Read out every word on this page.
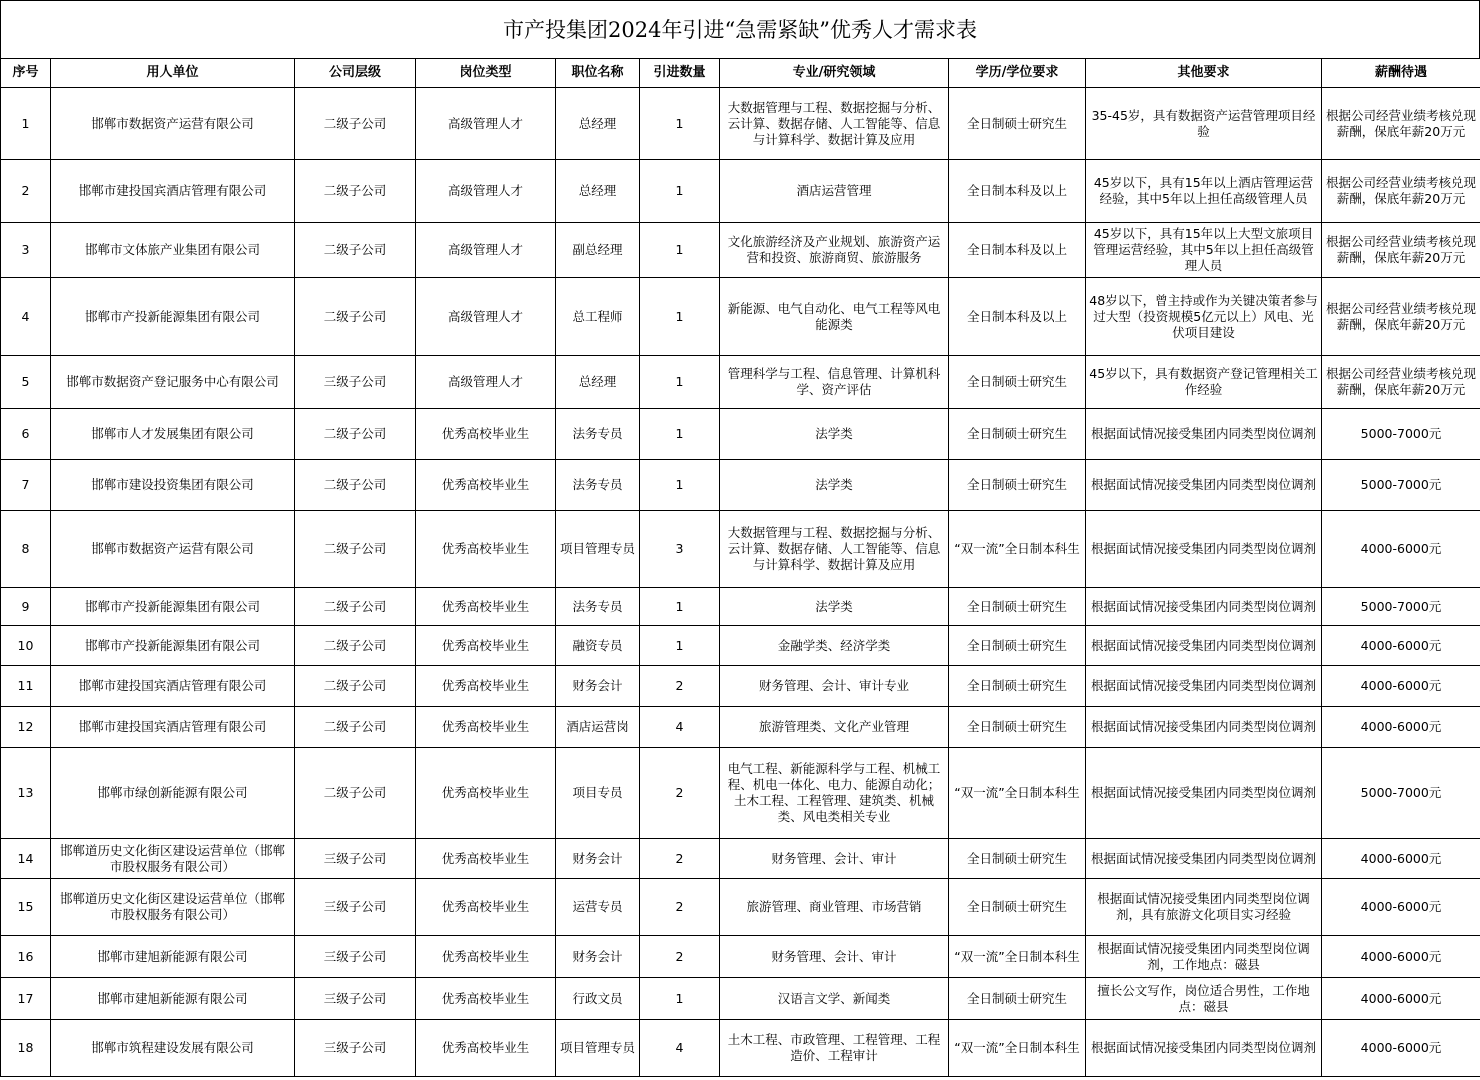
市产投集团2024年引进“急需紧缺”优秀人才需求表
序号	用人单位	公司层级	岗位类型	职位名称	引进数量	专业/研究领域	学历/学位要求	其他要求	薪酬待遇
1	邯郸市数据资产运营有限公司	二级子公司	高级管理人才	总经理	1	大数据管理与工程、数据挖掘与分析、云计算、数据存储、人工智能等、信息与计算科学、数据计算及应用	全日制硕士研究生	35-45岁，具有数据资产运营管理项目经验	根据公司经营业绩考核兑现薪酬，保底年薪20万元
2	邯郸市建投国宾酒店管理有限公司	二级子公司	高级管理人才	总经理	1	酒店运营管理	全日制本科及以上	45岁以下，具有15年以上酒店管理运营经验，其中5年以上担任高级管理人员	根据公司经营业绩考核兑现薪酬，保底年薪20万元
3	邯郸市文体旅产业集团有限公司	二级子公司	高级管理人才	副总经理	1	文化旅游经济及产业规划、旅游资产运营和投资、旅游商贸、旅游服务	全日制本科及以上	45岁以下，具有15年以上大型文旅项目管理运营经验，其中5年以上担任高级管理人员	根据公司经营业绩考核兑现薪酬，保底年薪20万元
4	邯郸市产投新能源集团有限公司	二级子公司	高级管理人才	总工程师	1	新能源、电气自动化、电气工程等风电能源类	全日制本科及以上	48岁以下，曾主持或作为关键决策者参与过大型（投资规模5亿元以上）风电、光伏项目建设	根据公司经营业绩考核兑现薪酬，保底年薪20万元
5	邯郸市数据资产登记服务中心有限公司	三级子公司	高级管理人才	总经理	1	管理科学与工程、信息管理、计算机科学、资产评估	全日制硕士研究生	45岁以下，具有数据资产登记管理相关工作经验	根据公司经营业绩考核兑现薪酬，保底年薪20万元
6	邯郸市人才发展集团有限公司	二级子公司	优秀高校毕业生	法务专员	1	法学类	全日制硕士研究生	根据面试情况接受集团内同类型岗位调剂	5000-7000元
7	邯郸市建设投资集团有限公司	二级子公司	优秀高校毕业生	法务专员	1	法学类	全日制硕士研究生	根据面试情况接受集团内同类型岗位调剂	5000-7000元
8	邯郸市数据资产运营有限公司	二级子公司	优秀高校毕业生	项目管理专员	3	大数据管理与工程、数据挖掘与分析、云计算、数据存储、人工智能等、信息与计算科学、数据计算及应用	“双一流”全日制本科生	根据面试情况接受集团内同类型岗位调剂	4000-6000元
9	邯郸市产投新能源集团有限公司	二级子公司	优秀高校毕业生	法务专员	1	法学类	全日制硕士研究生	根据面试情况接受集团内同类型岗位调剂	5000-7000元
10	邯郸市产投新能源集团有限公司	二级子公司	优秀高校毕业生	融资专员	1	金融学类、经济学类	全日制硕士研究生	根据面试情况接受集团内同类型岗位调剂	4000-6000元
11	邯郸市建投国宾酒店管理有限公司	二级子公司	优秀高校毕业生	财务会计	2	财务管理、会计、审计专业	全日制硕士研究生	根据面试情况接受集团内同类型岗位调剂	4000-6000元
12	邯郸市建投国宾酒店管理有限公司	二级子公司	优秀高校毕业生	酒店运营岗	4	旅游管理类、文化产业管理	全日制硕士研究生	根据面试情况接受集团内同类型岗位调剂	4000-6000元
13	邯郸市绿创新能源有限公司	二级子公司	优秀高校毕业生	项目专员	2	电气工程、新能源科学与工程、机械工程、机电一体化、电力、能源自动化；土木工程、工程管理、建筑类、机械类、风电类相关专业	“双一流”全日制本科生	根据面试情况接受集团内同类型岗位调剂	5000-7000元
14	邯郸道历史文化街区建设运营单位（邯郸市股权服务有限公司）	三级子公司	优秀高校毕业生	财务会计	2	财务管理、会计、审计	全日制硕士研究生	根据面试情况接受集团内同类型岗位调剂	4000-6000元
15	邯郸道历史文化街区建设运营单位（邯郸市股权服务有限公司）	三级子公司	优秀高校毕业生	运营专员	2	旅游管理、商业管理、市场营销	全日制硕士研究生	根据面试情况接受集团内同类型岗位调剂，具有旅游文化项目实习经验	4000-6000元
16	邯郸市建旭新能源有限公司	三级子公司	优秀高校毕业生	财务会计	2	财务管理、会计、审计	“双一流”全日制本科生	根据面试情况接受集团内同类型岗位调剂，工作地点：磁县	4000-6000元
17	邯郸市建旭新能源有限公司	三级子公司	优秀高校毕业生	行政文员	1	汉语言文学、新闻类	全日制硕士研究生	擅长公文写作，岗位适合男性，工作地点：磁县	4000-6000元
18	邯郸市筑程建设发展有限公司	三级子公司	优秀高校毕业生	项目管理专员	4	土木工程、市政管理、工程管理、工程造价、工程审计	“双一流”全日制本科生	根据面试情况接受集团内同类型岗位调剂	4000-6000元
